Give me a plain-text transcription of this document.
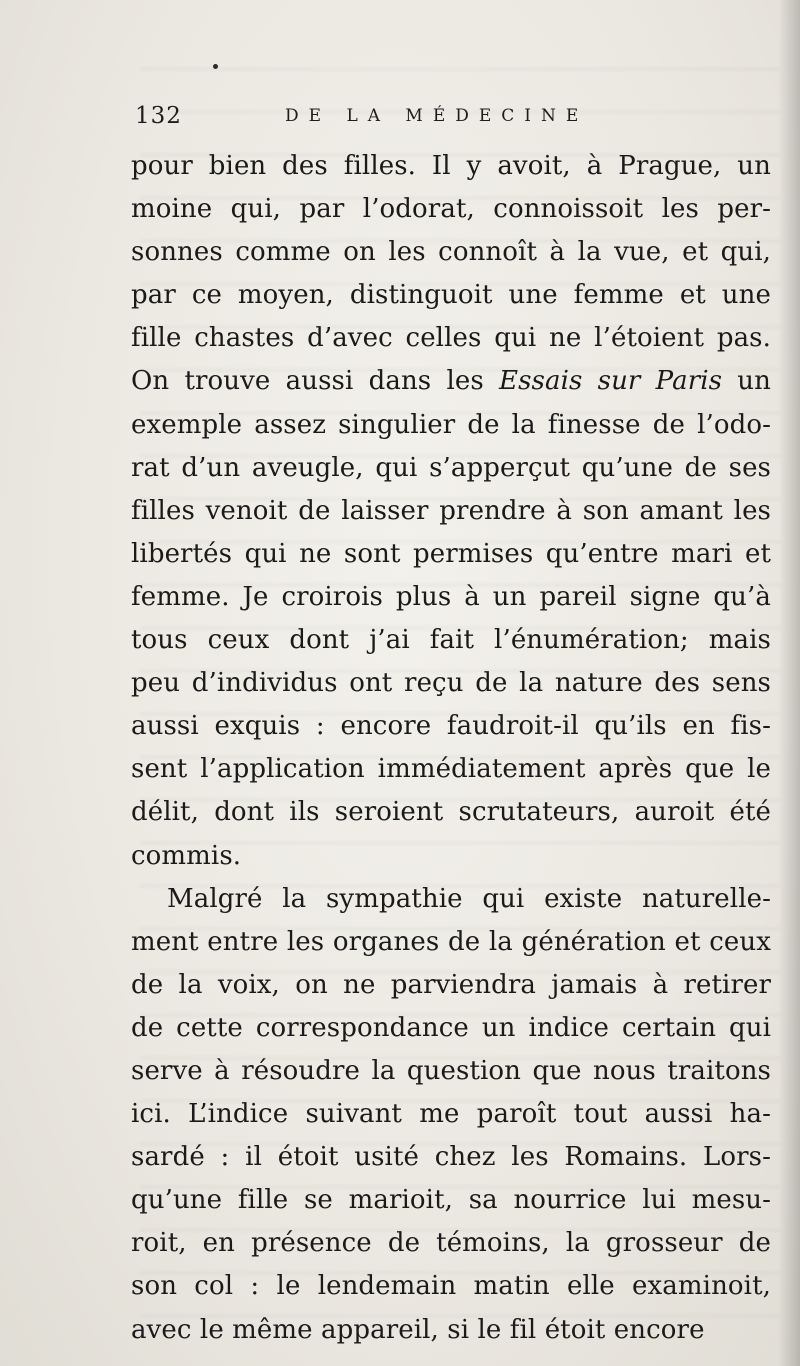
132	DE LA MÉDECINE
pour bien des filles. Il y avoit, à Prague, un
moine qui, par l’odorat, connoissoit les per-
sonnes comme on les connoît à la vue, et qui,
par ce moyen, distinguoit une femme et une
fille chastes d’avec celles qui ne l’étoient pas.
On trouve aussi dans les Essais sur Paris un
exemple assez singulier de la finesse de l’odo-
rat d’un aveugle, qui s’apperçut qu’une de ses
filles venoit de laisser prendre à son amant les
libertés qui ne sont permises qu’entre mari et
femme. Je croirois plus à un pareil signe qu’à
tous ceux dont j’ai fait l’énumération; mais
peu d’individus ont reçu de la nature des sens
aussi exquis : encore faudroit-il qu’ils en fis-
sent l’application immédiatement après que le
délit, dont ils seroient scrutateurs, auroit été
commis.
Malgré la sympathie qui existe naturelle-
ment entre les organes de la génération et ceux
de la voix, on ne parviendra jamais à retirer
de cette correspondance un indice certain qui
serve à résoudre la question que nous traitons
ici. L’indice suivant me paroît tout aussi ha-
sardé : il étoit usité chez les Romains. Lors-
qu’une fille se marioit, sa nourrice lui mesu-
roit, en présence de témoins, la grosseur de
son col : le lendemain matin elle examinoit,
avec le même appareil, si le fil étoit encore
